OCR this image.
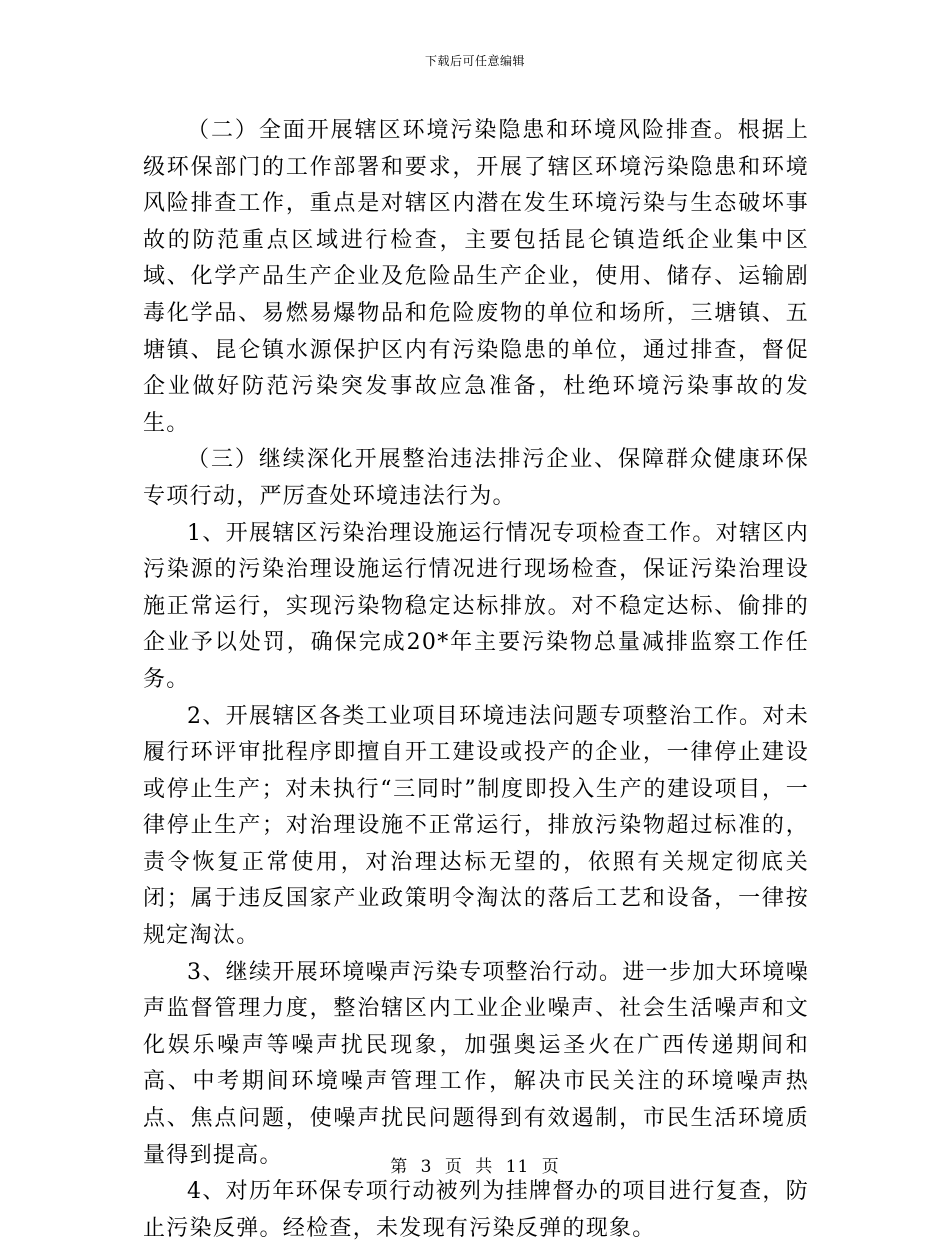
下载后可任意编辑

（二）全面开展辖区环境污染隐患和环境风险排查。根据上级环保部门的工作部署和要求，开展了辖区环境污染隐患和环境风险排查工作，重点是对辖区内潜在发生环境污染与生态破坏事故的防范重点区域进行检查，主要包括昆仑镇造纸企业集中区域、化学产品生产企业及危险品生产企业，使用、储存、运输剧毒化学品、易燃易爆物品和危险废物的单位和场所，三塘镇、五塘镇、昆仑镇水源保护区内有污染隐患的单位，通过排查，督促企业做好防范污染突发事故应急准备，杜绝环境污染事故的发生。

（三）继续深化开展整治违法排污企业、保障群众健康环保专项行动，严厉查处环境违法行为。

1、开展辖区污染治理设施运行情况专项检查工作。对辖区内污染源的污染治理设施运行情况进行现场检查，保证污染治理设施正常运行，实现污染物稳定达标排放。对不稳定达标、偷排的企业予以处罚，确保完成20*年主要污染物总量减排监察工作任务。

2、开展辖区各类工业项目环境违法问题专项整治工作。对未履行环评审批程序即擅自开工建设或投产的企业，一律停止建设或停止生产；对未执行“三同时”制度即投入生产的建设项目，一律停止生产；对治理设施不正常运行，排放污染物超过标准的，责令恢复正常使用，对治理达标无望的，依照有关规定彻底关闭；属于违反国家产业政策明令淘汰的落后工艺和设备，一律按规定淘汰。

3、继续开展环境噪声污染专项整治行动。进一步加大环境噪声监督管理力度，整治辖区内工业企业噪声、社会生活噪声和文化娱乐噪声等噪声扰民现象，加强奥运圣火在广西传递期间和高、中考期间环境噪声管理工作，解决市民关注的环境噪声热点、焦点问题，使噪声扰民问题得到有效遏制，市民生活环境质量得到提高。

4、对历年环保专项行动被列为挂牌督办的项目进行复查，防止污染反弹。经检查，未发现有污染反弹的现象。

第 3 页 共 11 页
